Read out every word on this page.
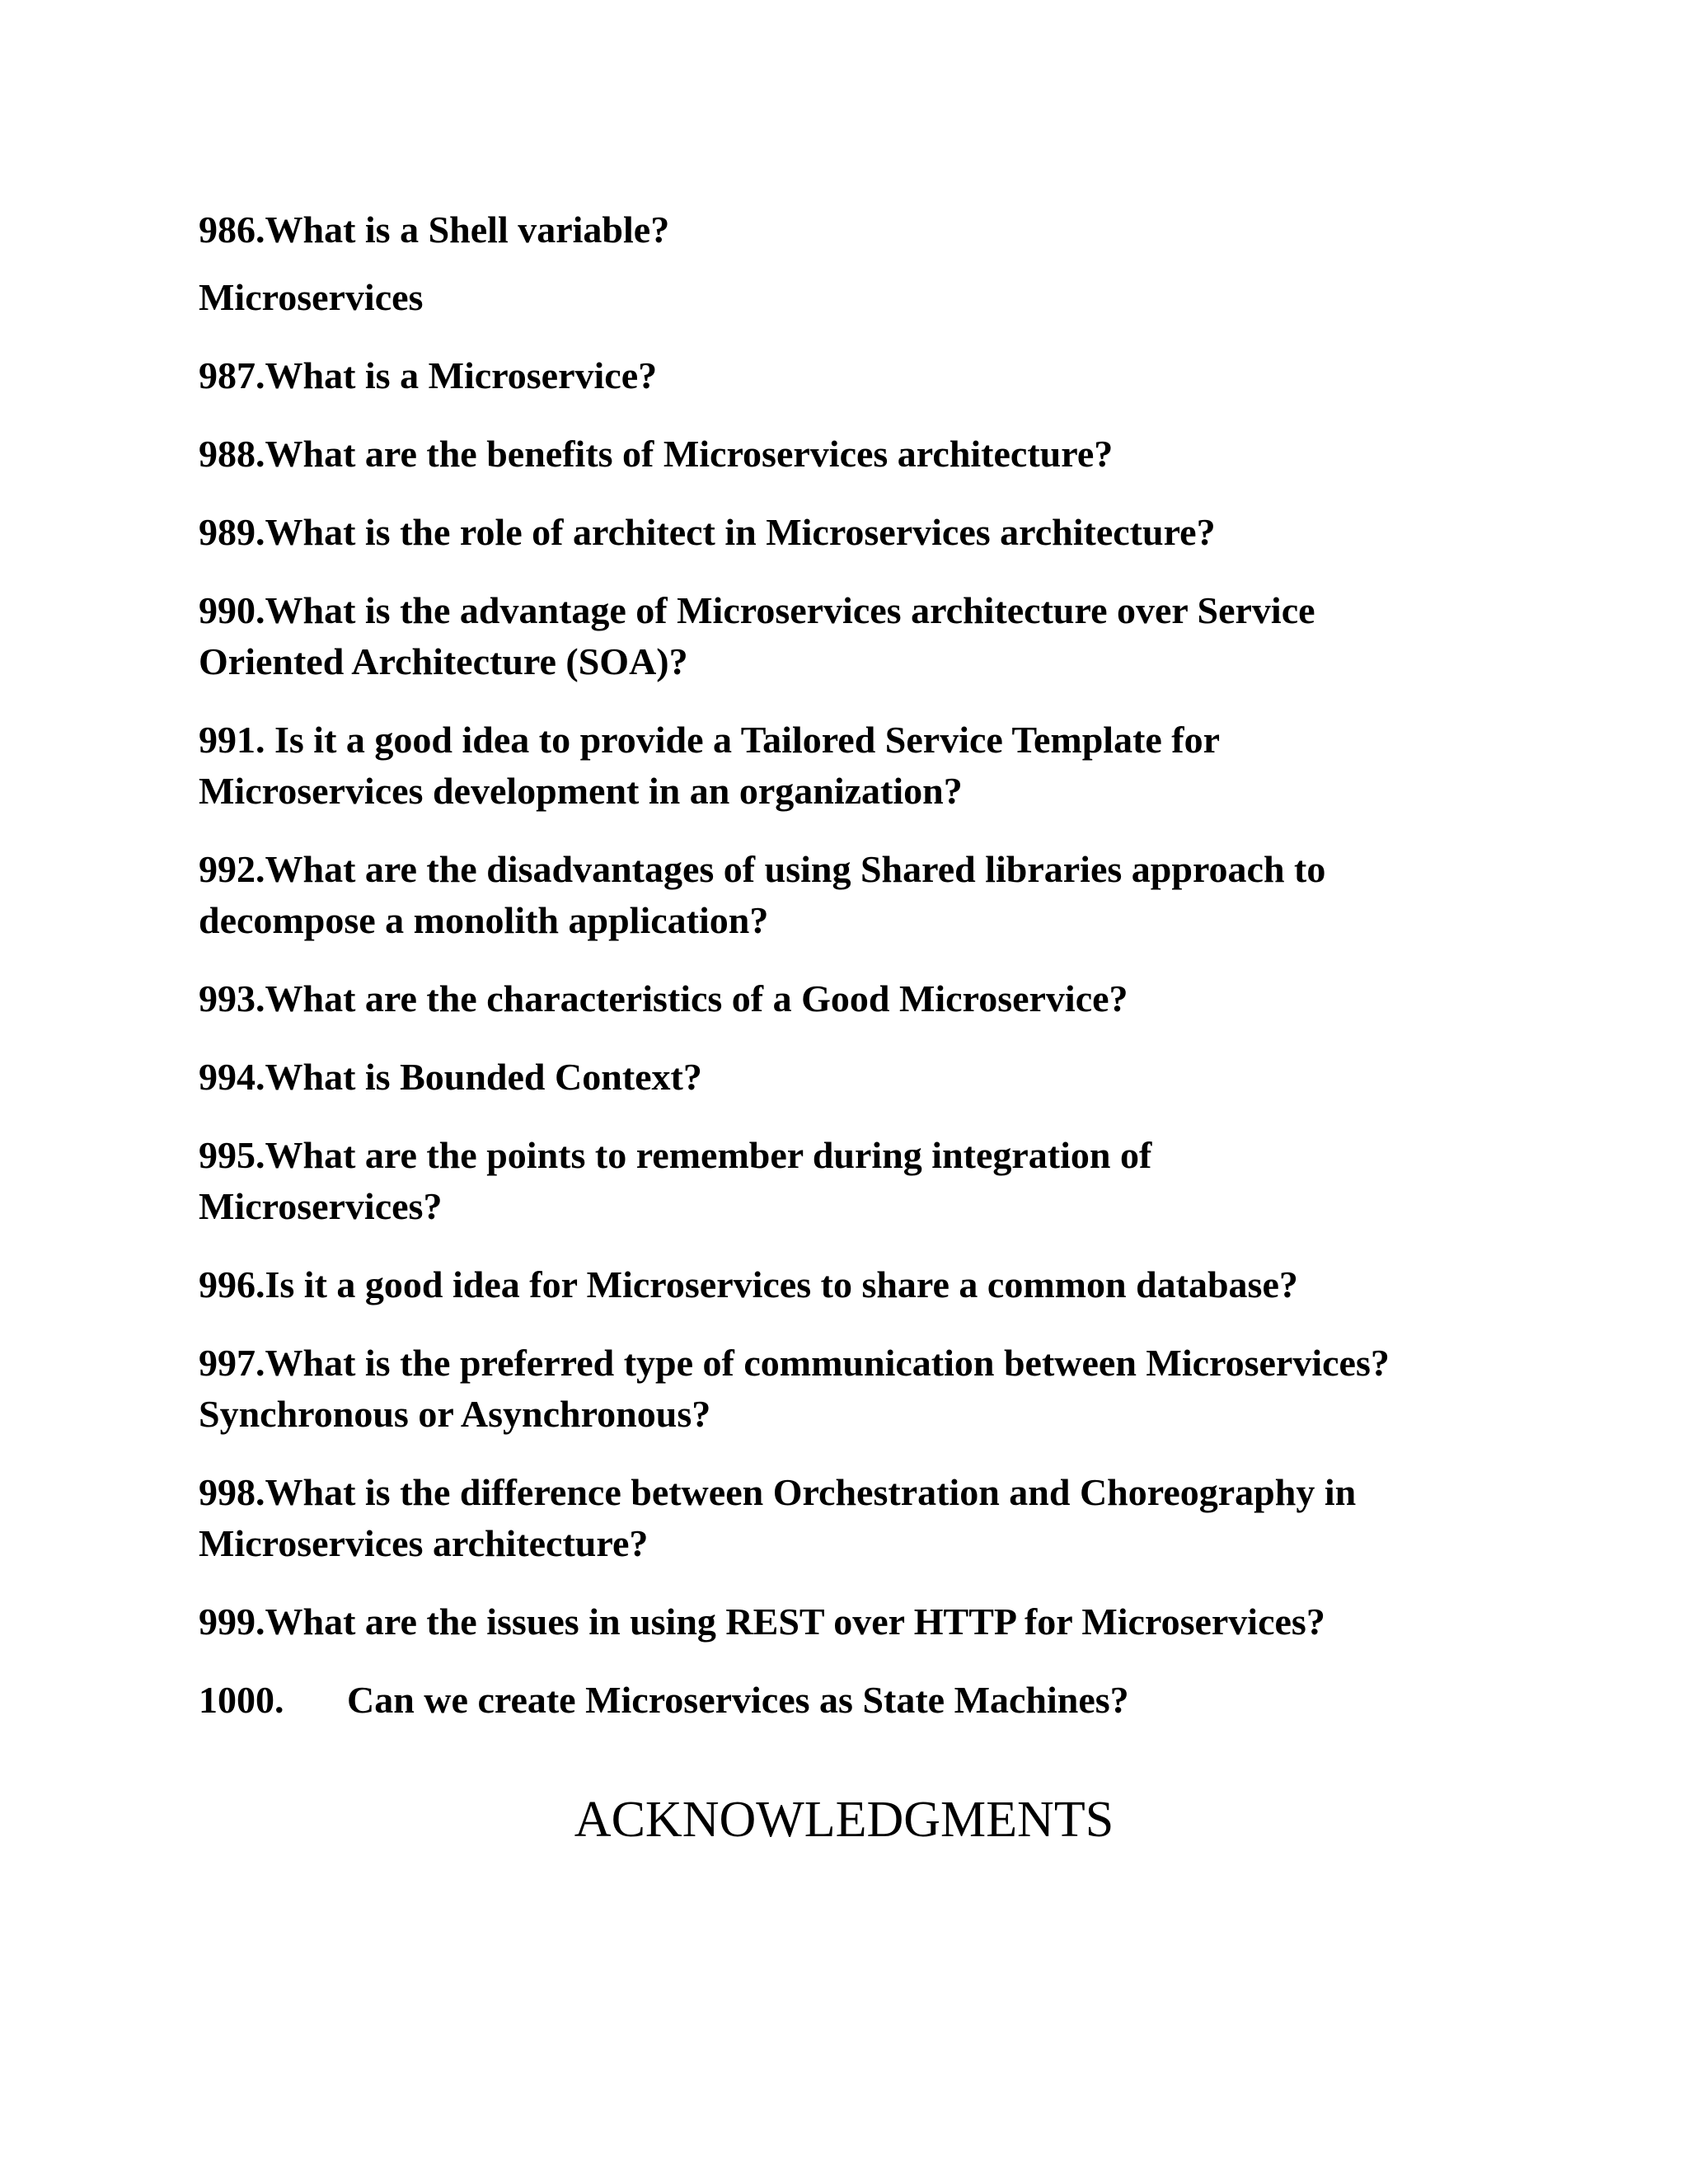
986.What is a Shell variable?

Microservices

987.What is a Microservice?

988.What are the benefits of Microservices architecture?

989.What is the role of architect in Microservices architecture?

990.What is the advantage of Microservices architecture over Service
Oriented Architecture (SOA)?
991. Is it a good idea to provide a Tailored Service Template for
Microservices development in an organization?
992.What are the disadvantages of using Shared libraries approach to
decompose a monolith application?

993.What are the characteristics of a Good Microservice?

994.What is Bounded Context?

995.What are the points to remember during integration of
Microservices?

996.Is it a good idea for Microservices to share a common database?

997.What is the preferred type of communication between Microservices?
Synchronous or Asynchronous?
998.What is the difference between Orchestration and Choreography in
Microservices architecture?

999.What are the issues in using REST over HTTP for Microservices?

1000.	Can we create Microservices as State Machines?
ACKNOWLEDGMENTS
